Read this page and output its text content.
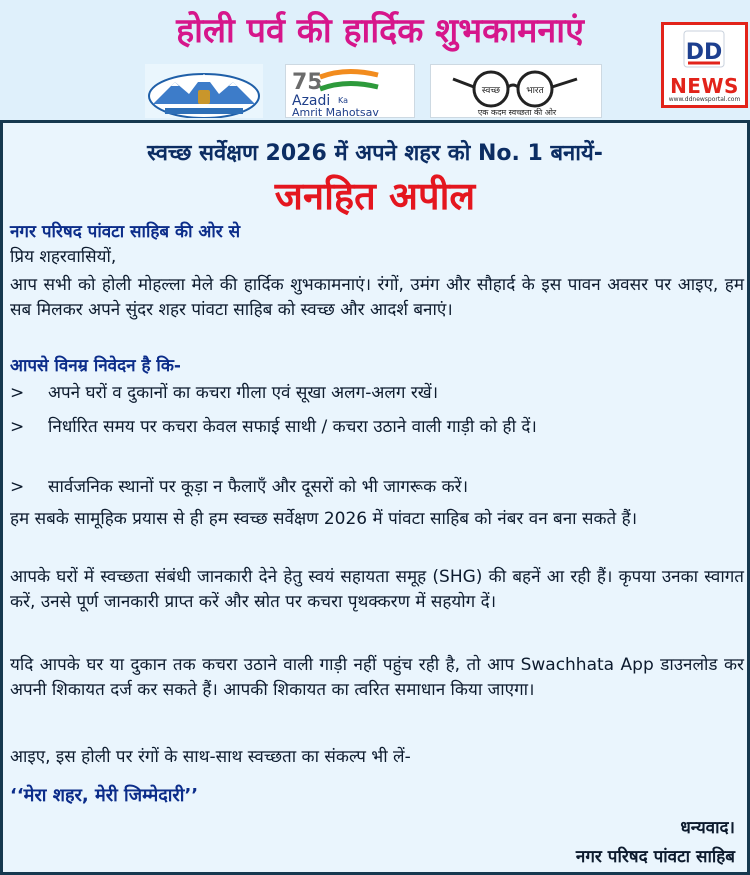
होली पर्व की हार्दिक शुभकामनाएं
75
Azadi Ka
Amrit Mahotsav
स्वच्छ	भारत
एक कदम स्वच्छता की ओर
DD
NEWS
www.ddnewsportal.com
स्वच्छ सर्वेक्षण 2026 में अपने शहर को No. 1 बनायें-
जनहित अपील
नगर परिषद पांवटा साहिब की ओर से
प्रिय शहरवासियों,
आप सभी को होली मोहल्ला मेले की हार्दिक शुभकामनाएं। रंगों, उमंग और सौहार्द के इस पावन अवसर पर आइए, हम सब मिलकर अपने सुंदर शहर पांवटा साहिब को स्वच्छ और आदर्श बनाएं।
आपसे विनम्र निवेदन है कि-
>	अपने घरों व दुकानों का कचरा गीला एवं सूखा अलग-अलग रखें।
>	निर्धारित समय पर कचरा केवल सफाई साथी / कचरा उठाने वाली गाड़ी को ही दें।
>	सार्वजनिक स्थानों पर कूड़ा न फैलाएँ और दूसरों को भी जागरूक करें।
हम सबके सामूहिक प्रयास से ही हम स्वच्छ सर्वेक्षण 2026 में पांवटा साहिब को नंबर वन बना सकते हैं।
आपके घरों में स्वच्छता संबंधी जानकारी देने हेतु स्वयं सहायता समूह (SHG) की बहनें आ रही हैं। कृपया उनका स्वागत करें, उनसे पूर्ण जानकारी प्राप्त करें और स्रोत पर कचरा पृथक्करण में सहयोग दें।
यदि आपके घर या दुकान तक कचरा उठाने वाली गाड़ी नहीं पहुंच रही है, तो आप Swachhata App डाउनलोड कर अपनी शिकायत दर्ज कर सकते हैं। आपकी शिकायत का त्वरित समाधान किया जाएगा।
आइए, इस होली पर रंगों के साथ-साथ स्वच्छता का संकल्प भी लें-
‘‘मेरा शहर, मेरी जिम्मेदारी’’
धन्यवाद।
नगर परिषद पांवटा साहिब
